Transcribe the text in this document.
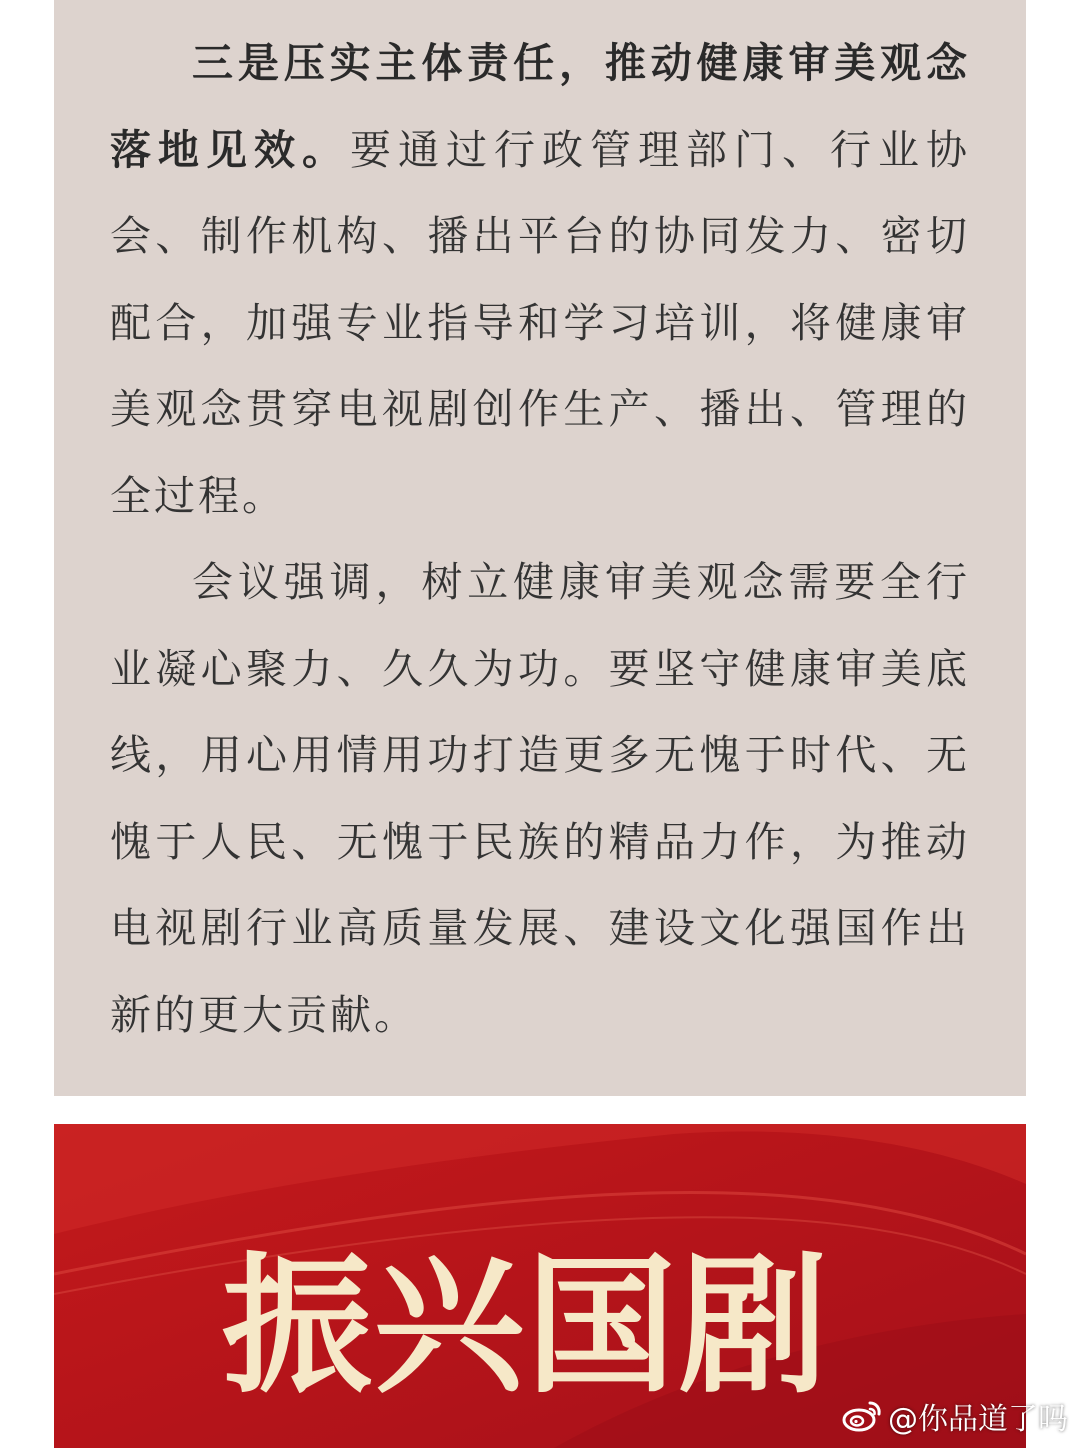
三是压实主体责任，推动健康审美观念落地见效。要通过行政管理部门、行业协会、制作机构、播出平台的协同发力、密切配合，加强专业指导和学习培训，将健康审美观念贯穿电视剧创作生产、播出、管理的全过程。

会议强调，树立健康审美观念需要全行业凝心聚力、久久为功。要坚守健康审美底线，用心用情用功打造更多无愧于时代、无愧于人民、无愧于民族的精品力作，为推动电视剧行业高质量发展、建设文化强国作出新的更大贡献。

振兴国剧
@你品道了吗
